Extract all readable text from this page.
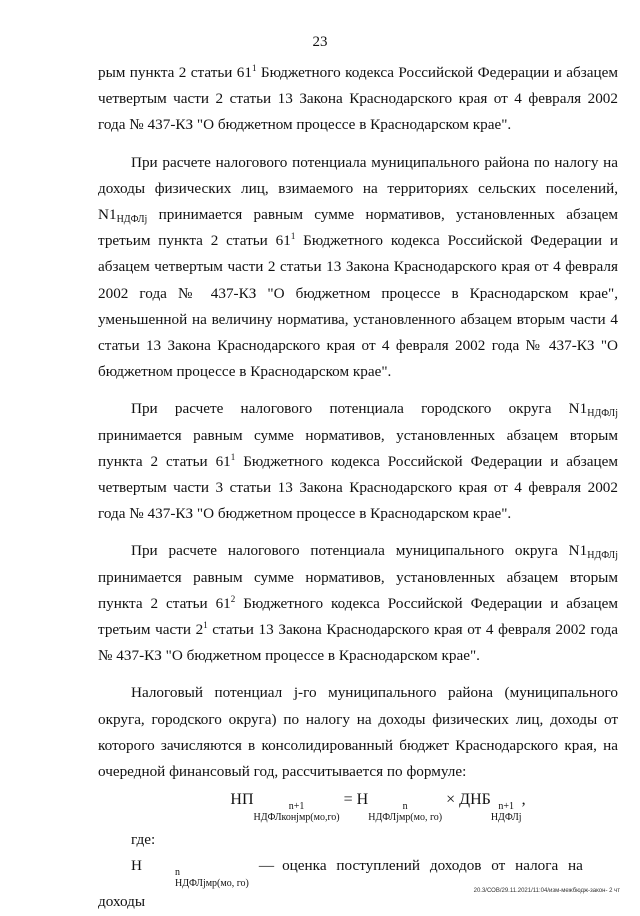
23

рым пункта 2 статьи $61^1$ Бюджетного кодекса Российской Федерации и абзацем четвертым части 2 статьи 13 Закона Краснодарского края от 4 февраля 2002 года № 437-КЗ "О бюджетном процессе в Краснодарском крае".

При расчете налогового потенциала муниципального района по налогу на доходы физических лиц, взимаемого на территориях сельских поселений, $N1_{НДФЛj}$ принимается равным сумме нормативов, установленных абзацем третьим пункта 2 статьи $61^1$ Бюджетного кодекса Российской Федерации и абзацем четвертым части 2 статьи 13 Закона Краснодарского края от 4 февраля 2002 года № 437-КЗ "О бюджетном процессе в Краснодарском крае", уменьшенной на величину норматива, установленного абзацем вторым части 4 статьи 13 Закона Краснодарского края от 4 февраля 2002 года № 437-КЗ "О бюджетном процессе в Краснодарском крае".

При расчете налогового потенциала городского округа $N1_{НДФЛj}$ принимается равным сумме нормативов, установленных абзацем вторым пункта 2 статьи $61^1$ Бюджетного кодекса Российской Федерации и абзацем четвертым части 3 статьи 13 Закона Краснодарского края от 4 февраля 2002 года № 437-КЗ "О бюджетном процессе в Краснодарском крае".

При расчете налогового потенциала муниципального округа $N1_{НДФЛj}$ принимается равным сумме нормативов, установленных абзацем вторым пункта 2 статьи $61^2$ Бюджетного кодекса Российской Федерации и абзацем третьим части $2^1$ статьи 13 Закона Краснодарского края от 4 февраля 2002 года № 437-КЗ "О бюджетном процессе в Краснодарском крае".

Налоговый потенциал j-го муниципального района (муниципального округа, городского округа) по налогу на доходы физических лиц, доходы от которого зачисляются в консолидированный бюджет Краснодарского края, на очередной финансовый год, рассчитывается по формуле:

НП	n+1
НДФЛконjмр(мо,го)
= Н	n
НДФЛjмр(мо, го)
× ДНБ n+1
НДФЛj
,

где:

Н	n
НДФЛjмр(мо, го)
— оценка поступлений доходов от налога на доходы

20.3/СОВ/29.11.2021/11:04/изм-межбюдж-закон- 2 чт
